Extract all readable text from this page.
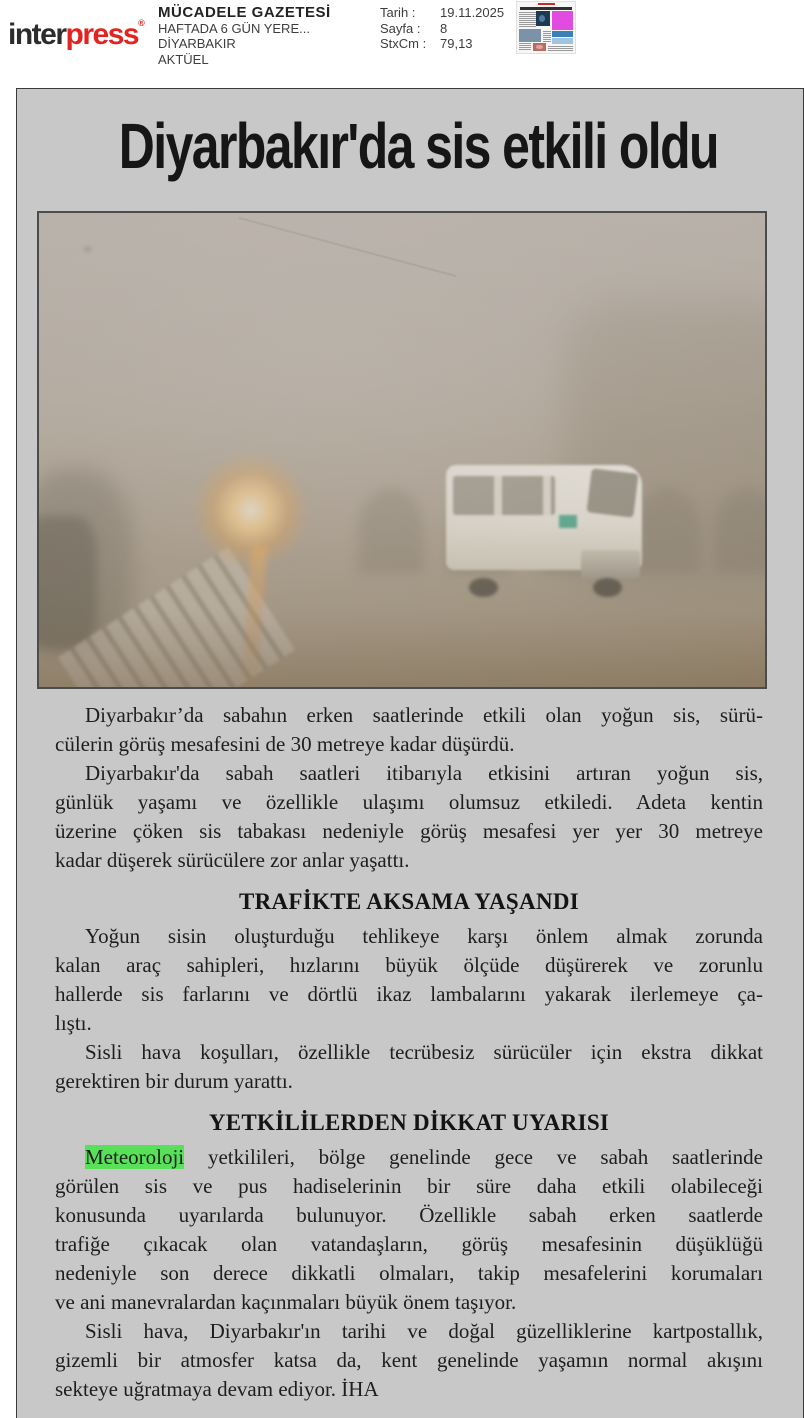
interpress®
MÜCADELE GAZETESİ
HAFTADA 6 GÜN YERE...
DİYARBAKIR
AKTÜEL
Tarih :	19.11.2025
Sayfa :	8
StxCm :	79,13
Diyarbakır'da sis etkili oldu
Diyarbakır’da sabahın erken saatlerinde etkili olan yoğun sis, sürü-
cülerin görüş mesafesini de 30 metreye kadar düşürdü.
Diyarbakır'da sabah saatleri itibarıyla etkisini artıran yoğun sis,
günlük yaşamı ve özellikle ulaşımı olumsuz etkiledi. Adeta kentin
üzerine çöken sis tabakası nedeniyle görüş mesafesi yer yer 30 metreye
kadar düşerek sürücülere zor anlar yaşattı.
TRAFİKTE AKSAMA YAŞANDI
Yoğun sisin oluşturduğu tehlikeye karşı önlem almak zorunda
kalan araç sahipleri, hızlarını büyük ölçüde düşürerek ve zorunlu
hallerde sis farlarını ve dörtlü ikaz lambalarını yakarak ilerlemeye ça-
lıştı.
Sisli hava koşulları, özellikle tecrübesiz sürücüler için ekstra dikkat
gerektiren bir durum yarattı.
YETKİLİLERDEN DİKKAT UYARISI
Meteoroloji yetkilileri, bölge genelinde gece ve sabah saatlerinde
görülen sis ve pus hadiselerinin bir süre daha etkili olabileceği
konusunda uyarılarda bulunuyor. Özellikle sabah erken saatlerde
trafiğe çıkacak olan vatandaşların, görüş mesafesinin düşüklüğü
nedeniyle son derece dikkatli olmaları, takip mesafelerini korumaları
ve ani manevralardan kaçınmaları büyük önem taşıyor.
Sisli hava, Diyarbakır'ın tarihi ve doğal güzelliklerine kartpostallık,
gizemli bir atmosfer katsa da, kent genelinde yaşamın normal akışını
sekteye uğratmaya devam ediyor. İHA
